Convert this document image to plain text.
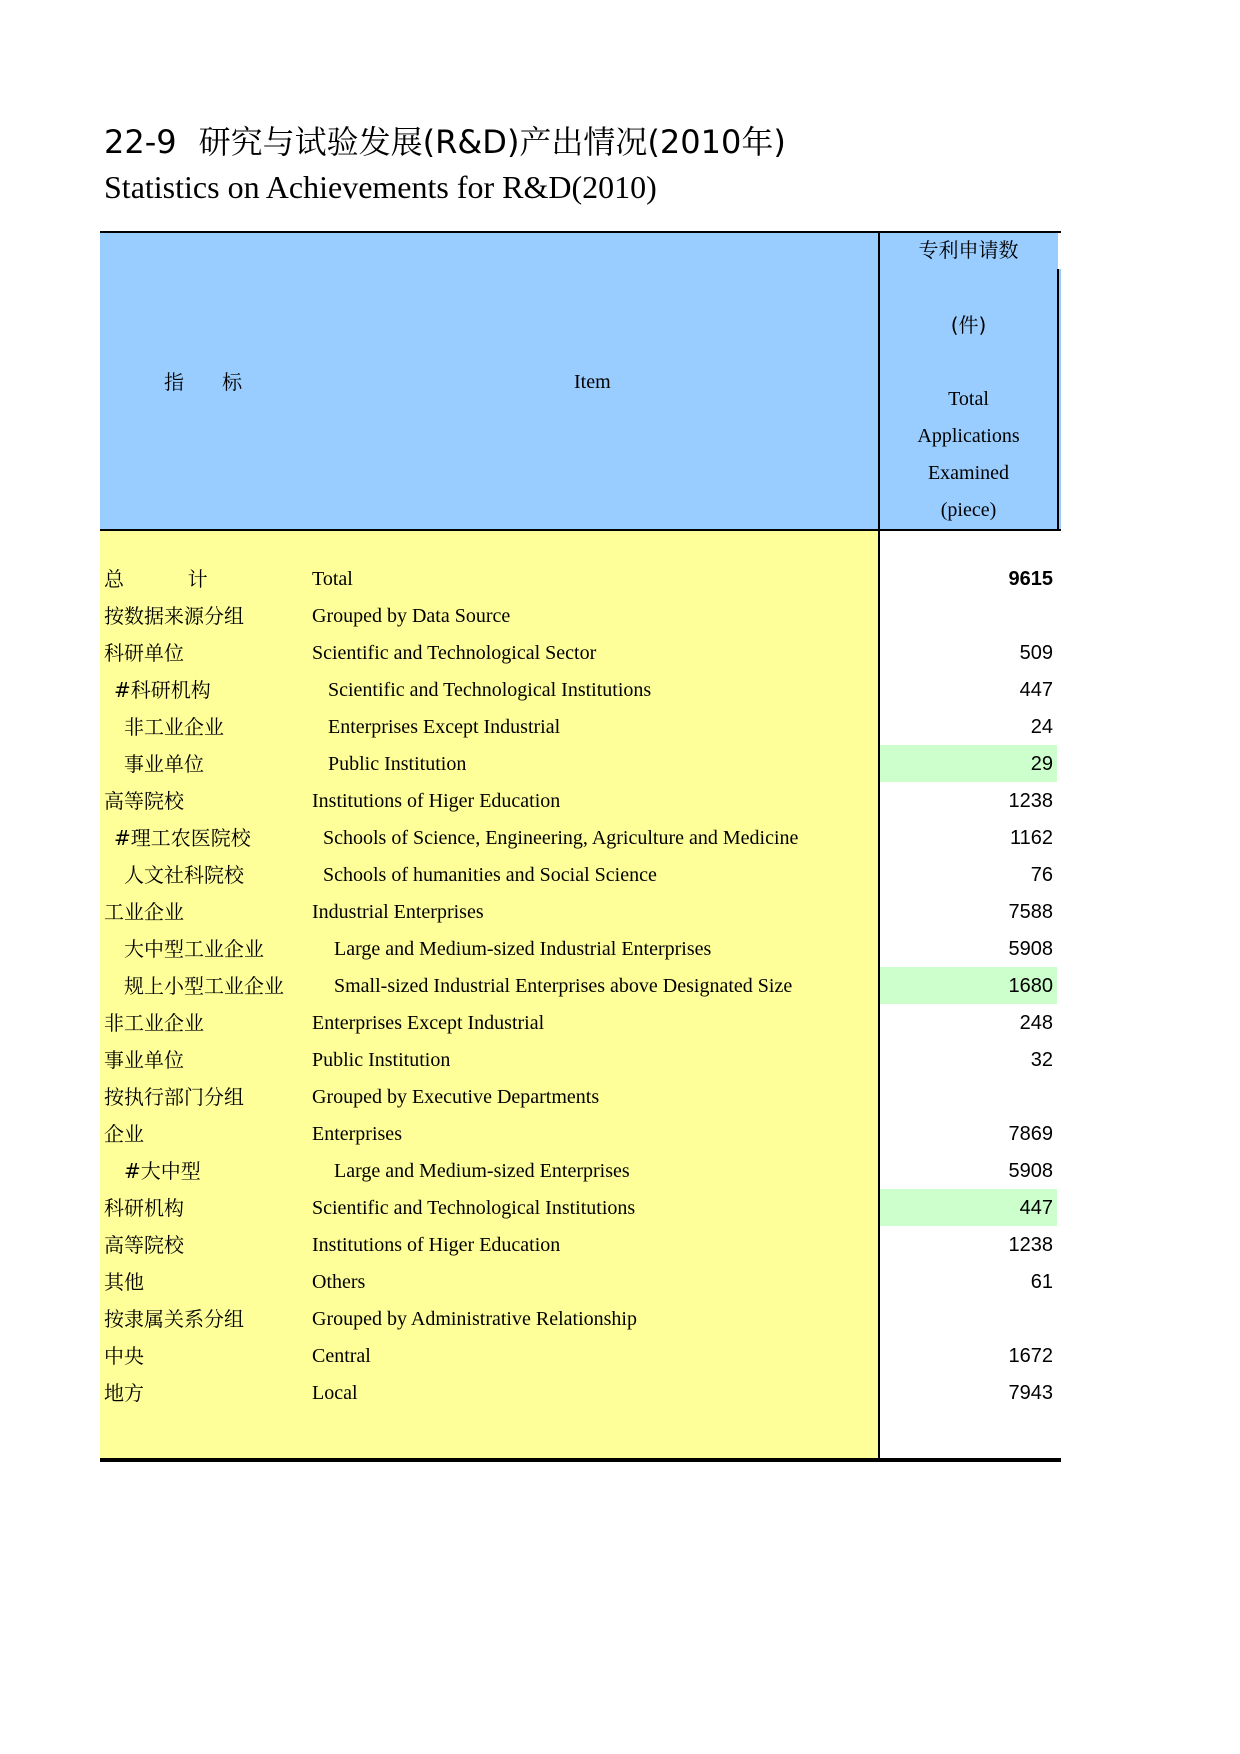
22-9 研究与试验发展(R&D)产出情况(2010年)
Statistics on Achievements for R&D(2010)
指      标	Item
专利申请数
(件)
Total
Applications
Examined
(piece)
总          计	Total	9615
按数据来源分组	Grouped by Data Source
科研单位	Scientific and Technological Sector	509
#科研机构	Scientific and Technological Institutions	447
非工业企业	Enterprises Except Industrial	24
事业单位	Public Institution	29
高等院校	Institutions of Higer Education	1238
#理工农医院校	Schools of Science, Engineering, Agriculture and Medicine	1162
人文社科院校	Schools of humanities and Social Science	76
工业企业	Industrial Enterprises	7588
大中型工业企业	Large and Medium-sized Industrial Enterprises	5908
规上小型工业企业	Small-sized Industrial Enterprises above Designated Size	1680
非工业企业	Enterprises Except Industrial	248
事业单位	Public Institution	32
按执行部门分组	Grouped by Executive Departments
企业	Enterprises	7869
#大中型	Large and Medium-sized Enterprises	5908
科研机构	Scientific and Technological Institutions	447
高等院校	Institutions of Higer Education	1238
其他	Others	61
按隶属关系分组	Grouped by Administrative Relationship
中央	Central	1672
地方	Local	7943
